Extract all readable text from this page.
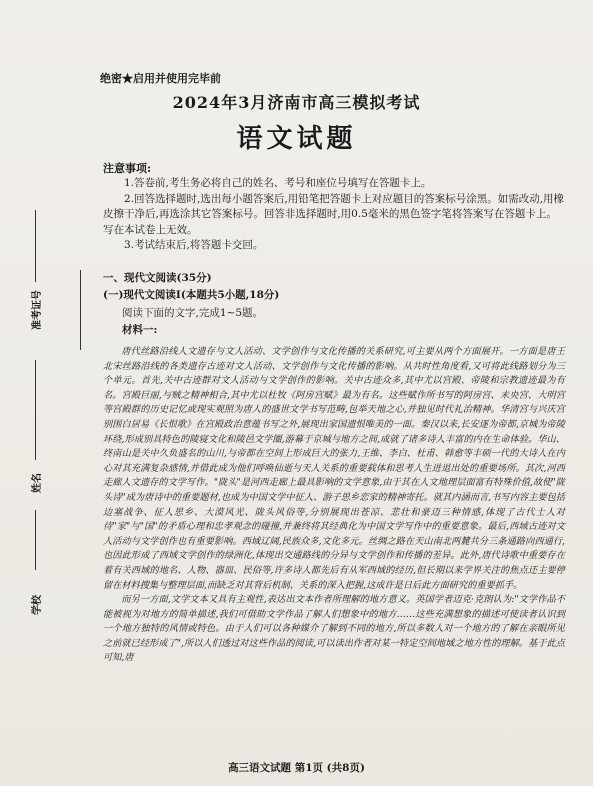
准考证号
姓名
学校
绝密★启用并使用完毕前
2024年3月济南市高三模拟考试
语文试题
注意事项:

1.答卷前,考生务必将自己的姓名、考号和座位号填写在答题卡上。

2.回答选择题时,选出每小题答案后,用铅笔把答题卡上对应题目的答案标号涂黑。如需改动,用橡皮擦干净后,再选涂其它答案标号。回答非选择题时,用0.5毫米的黑色签字笔将答案写在答题卡上。写在本试卷上无效。

3.考试结束后,将答题卡交回。

一、现代文阅读(35分)
(一)现代文阅读Ⅰ(本题共5小题,18分)
阅读下面的文字,完成1~5题。
材料一:

唐代丝路沿线人文遗存与文人活动、文学创作与文化传播的关系研究,可主要从两个方面展开。一方面是唐王北宋丝路沿线的各类遗存古迹对文人活动、文学创作与文化传播的影响。从共时性角度看,又可将此线路划分为三个单元。首先,关中古迹群对文人活动与文学创作的影响。关中古迹众多,其中尤以宫殿、帝陵和宗教遗迹最为有名。宫殿巨丽,与贼之精神相合,其中尤以杜牧《阿房宫赋》最为有名。这些赋作所书写的阿房宫、未央宫、大明宫等宫殿群的历史记忆或现实观照为唐人的盛世文学书写范畴,包举天地之心,并独见时代礼治精神。华清宫与兴庆宫别围白居易《长恨歌》在宫殿政治意蕴书写之外,展现出家国遗恨唯美的一面。秦汉以来,长安逐为帝都,京城为帝陵环绕,形成别具特色的陵寝文化和陵邑文学圈,游幕于京城与地方之间,成就了诸多诗人丰富的内在生命体验。华山、终南山是关中久负盛名的山川,与帝都在空间上形成巨大的张力,王维、李白、杜甫、韩愈等丰硕一代的大诗人在内心对其充满复杂感情,并借此成为他们呼唤仙逝与天人关系的重要载体和思考人生进退出处的重要场所。其次,河西走廊人文遗存的文学写作。"陇头"是河西走廊上最具影响的文学意象,由于其在人文地理层面富有特殊价值,故使"陇头诗"成为唐诗中的重要题材,也成为中国文学中征人、游子思乡恋家的精神寄托。就其内涵而言,书写内容主要包括边塞战争、征人思乡、大漠风光、陇头风俗等,分别展现出苍凉、悲壮和豪迈三种情感,体现了古代士人对待"家"与"国"的矛盾心理和忠孝观念的碰撞,并兼终将其经典化为中国文学写作中的重要意象。最后,西域古迹对文人活动与文学创作也有重要影响。西域辽阔,民族众多,文化多元。丝绸之路在天山南北两麓共分三条通路向西通行,也因此形成了西域文学创作的绿洲化,体现出交通路线的分异与文学创作和传播的差异。此外,唐代诗歌中重要存在着有关西域的地名、人物、器皿、民俗等,许多诗人都先后有从军西域的经历,但长期以来学界关注的焦点还主要停留在材料搜集与整理层面,而缺乏对其背后机制、关系的深入把握,这成许是日后此方面研究的重要抓手。

而另一方面,文学文本又具有主观性,表达出文本作者所理解的地方意义。英国学者迈克·克朗认为:"文学作品不能被视为对地方的简单描述,我们可借助文学作品了解人们想象中的地方……这些充满想象的描述可使读者认识到一个地方独特的风情或特色。由于人们可以各种媒介了解到不同的地方,所以多数人对一个地方的了解在亲眼所见之前就已经形成了",所以人们透过对这些作品的阅读,可以读出作者对某一特定空间地域之地方性的理解。基于此点可知,唐

高三语文试题 第1页 (共8页)
